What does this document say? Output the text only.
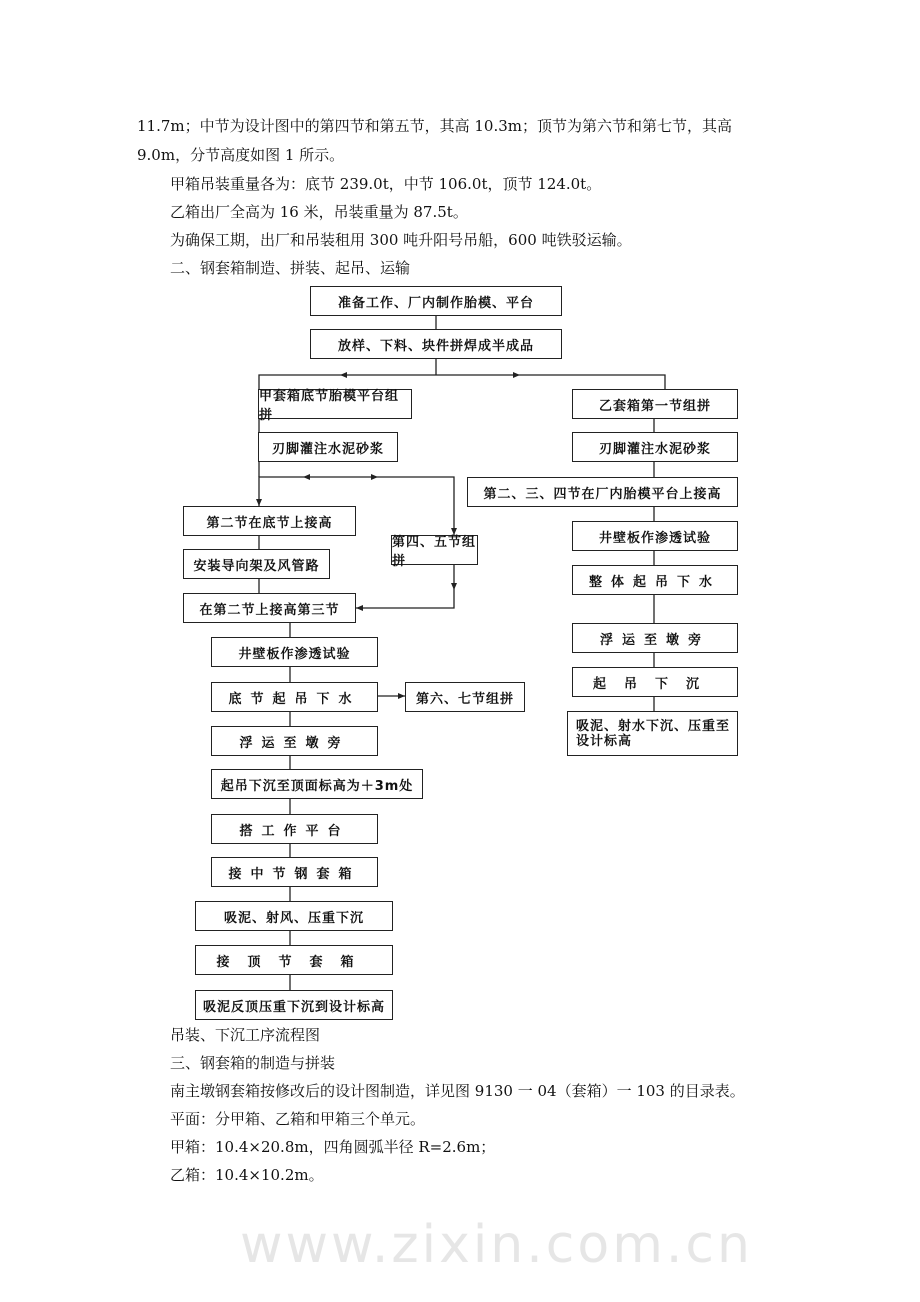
11.7m；中节为设计图中的第四节和第五节，其高 10.3m；顶节为第六节和第七节，其高
9.0m，分节高度如图 1 所示。
甲箱吊装重量各为：底节 239.0t，中节 106.0t，顶节 124.0t。
乙箱出厂全高为 16 米，吊装重量为 87.5t。
为确保工期，出厂和吊装租用 300 吨升阳号吊船，600 吨铁驳运输。
二、钢套箱制造、拼装、起吊、运输
准备工作、厂内制作胎模、平台
放样、下料、块件拼焊成半成品
甲套箱底节胎模平台组拼
刃脚灌注水泥砂浆
第二节在底节上接高
安装导向架及风管路
在第二节上接高第三节
井壁板作渗透试验
底节起吊下水
浮运至墩旁
起吊下沉至顶面标高为＋3m处
搭工作平台
接中节钢套箱
吸泥、射风、压重下沉
接顶节套箱
吸泥反顶压重下沉到设计标高
第四、五节组拼
第六、七节组拼
乙套箱第一节组拼
刃脚灌注水泥砂浆
第二、三、四节在厂内胎模平台上接高
井壁板作渗透试验
整体起吊下水
浮运至墩旁
起吊下沉
吸泥、射水下沉、压重至设计标高
吊装、下沉工序流程图
三、钢套箱的制造与拼装
南主墩钢套箱按修改后的设计图制造，详见图 9130 一 04（套箱）一 103 的目录表。
平面：分甲箱、乙箱和甲箱三个单元。
甲箱：10.4×20.8m，四角圆弧半径 R=2.6m；
乙箱：10.4×10.2m。
www.zixin.com.cn
